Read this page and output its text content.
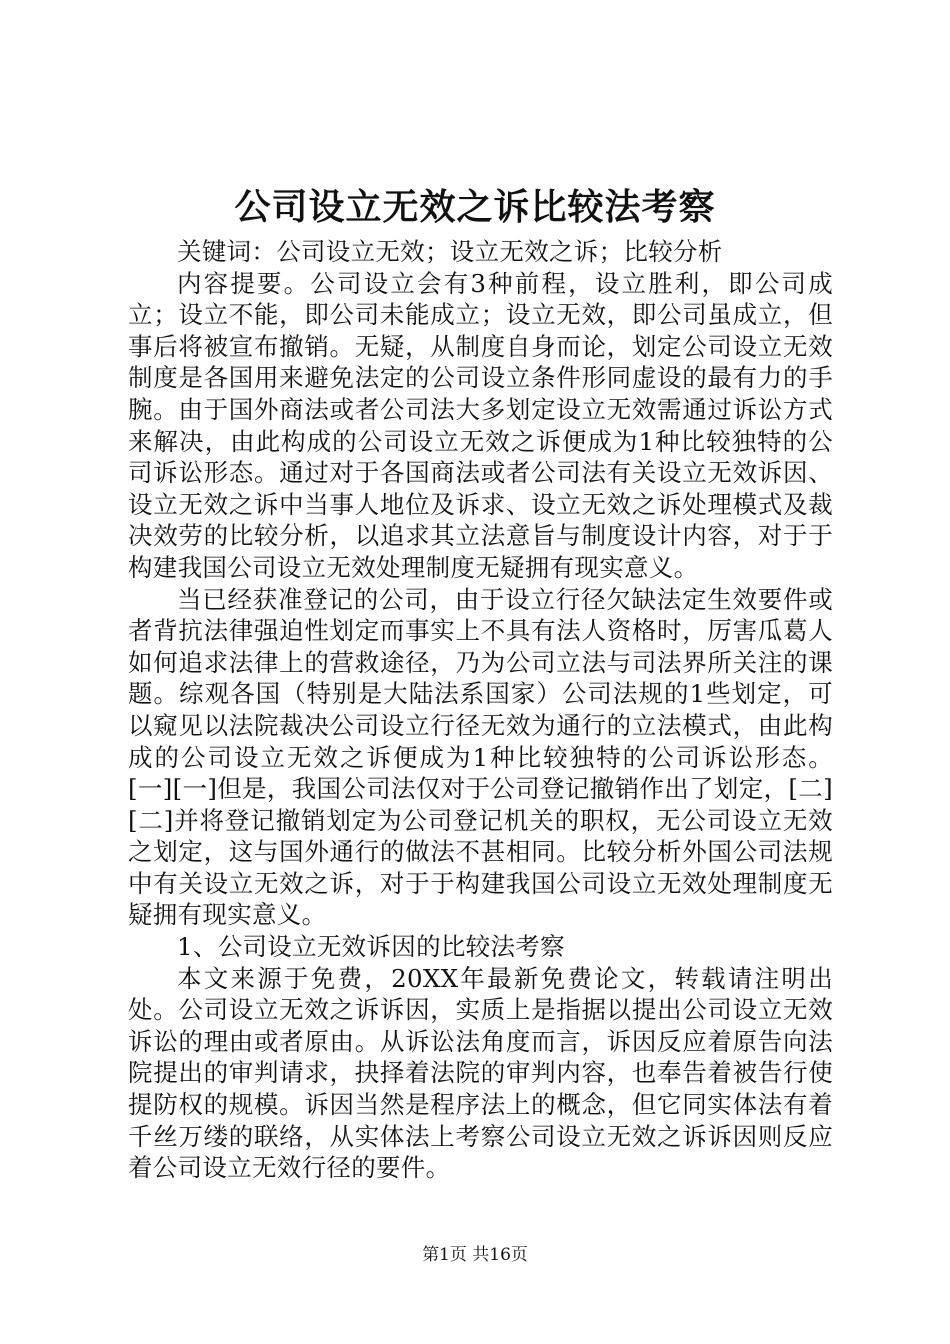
公司设立无效之诉比较法考察

关键词：公司设立无效；设立无效之诉；比较分析

内容提要。公司设立会有3种前程，设立胜利，即公司成立；设立不能，即公司未能成立；设立无效，即公司虽成立，但事后将被宣布撤销。无疑，从制度自身而论，划定公司设立无效制度是各国用来避免法定的公司设立条件形同虚设的最有力的手腕。由于国外商法或者公司法大多划定设立无效需通过诉讼方式来解决，由此构成的公司设立无效之诉便成为1种比较独特的公司诉讼形态。通过对于各国商法或者公司法有关设立无效诉因、设立无效之诉中当事人地位及诉求、设立无效之诉处理模式及裁决效劳的比较分析，以追求其立法意旨与制度设计内容，对于于构建我国公司设立无效处理制度无疑拥有现实意义。

当已经获准登记的公司，由于设立行径欠缺法定生效要件或者背抗法律强迫性划定而事实上不具有法人资格时，厉害瓜葛人如何追求法律上的营救途径，乃为公司立法与司法界所关注的课题。综观各国（特别是大陆法系国家）公司法规的1些划定，可以窥见以法院裁决公司设立行径无效为通行的立法模式，由此构成的公司设立无效之诉便成为1种比较独特的公司诉讼形态。[一][一]但是，我国公司法仅对于公司登记撤销作出了划定，[二][二]并将登记撤销划定为公司登记机关的职权，无公司设立无效之划定，这与国外通行的做法不甚相同。比较分析外国公司法规中有关设立无效之诉，对于于构建我国公司设立无效处理制度无疑拥有现实意义。

1、公司设立无效诉因的比较法考察

本文来源于免费，20XX年最新免费论文，转载请注明出处。公司设立无效之诉诉因，实质上是指据以提出公司设立无效诉讼的理由或者原由。从诉讼法角度而言，诉因反应着原告向法院提出的审判请求，抉择着法院的审判内容，也奉告着被告行使提防权的规模。诉因当然是程序法上的概念，但它同实体法有着千丝万缕的联络，从实体法上考察公司设立无效之诉诉因则反应着公司设立无效行径的要件。

第1页 共16页
